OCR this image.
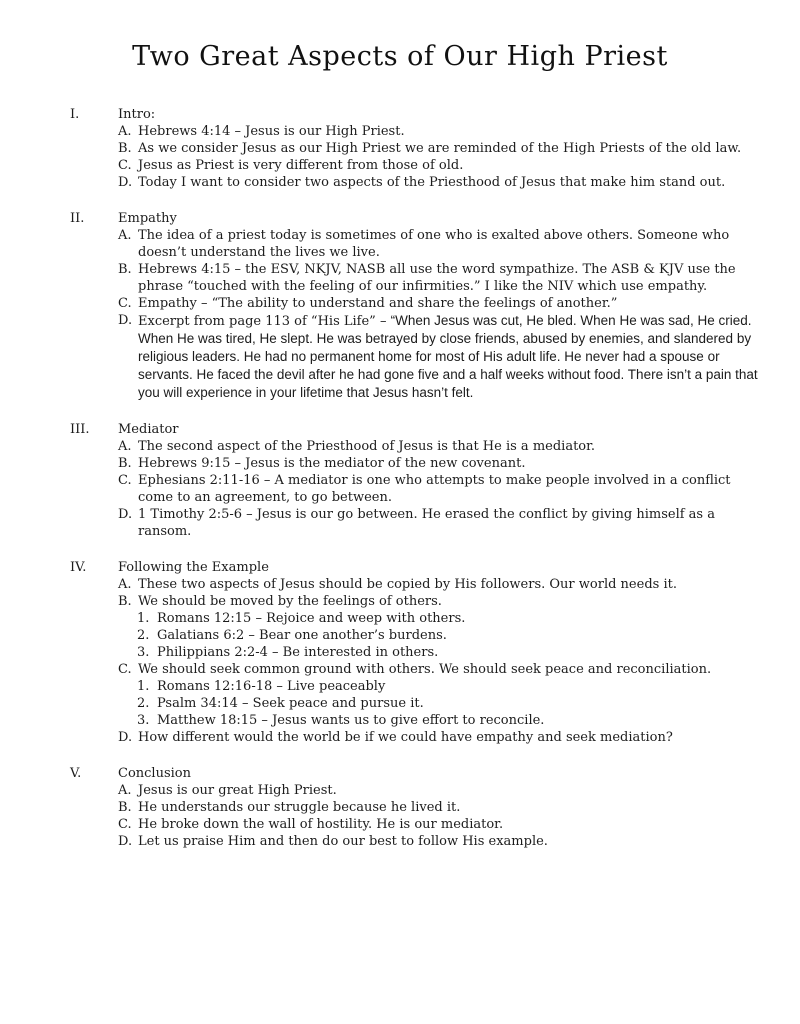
Two Great Aspects of Our High Priest
I.	Intro:
A. Hebrews 4:14 – Jesus is our High Priest.
B. As we consider Jesus as our High Priest we are reminded of the High Priests of the old law.
C. Jesus as Priest is very different from those of old.
D. Today I want to consider two aspects of the Priesthood of Jesus that make him stand out.
II.	Empathy
A. The idea of a priest today is sometimes of one who is exalted above others. Someone who doesn’t understand the lives we live.
B. Hebrews 4:15 – the ESV, NKJV, NASB all use the word sympathize. The ASB & KJV use the phrase “touched with the feeling of our infirmities.” I like the NIV which use empathy.
C. Empathy – “The ability to understand and share the feelings of another.”
D. Excerpt from page 113 of “His Life” – “When Jesus was cut, He bled. When He was sad, He cried. When He was tired, He slept. He was betrayed by close friends, abused by enemies, and slandered by religious leaders. He had no permanent home for most of His adult life. He never had a spouse or servants. He faced the devil after he had gone five and a half weeks without food. There isn’t a pain that you will experience in your lifetime that Jesus hasn’t felt.
III.	Mediator
A. The second aspect of the Priesthood of Jesus is that He is a mediator.
B. Hebrews 9:15 – Jesus is the mediator of the new covenant.
C. Ephesians 2:11-16 – A mediator is one who attempts to make people involved in a conflict come to an agreement, to go between.
D. 1 Timothy 2:5-6 – Jesus is our go between. He erased the conflict by giving himself as a ransom.
IV.	Following the Example
A. These two aspects of Jesus should be copied by His followers. Our world needs it.
B. We should be moved by the feelings of others.
1. Romans 12:15 – Rejoice and weep with others.
2. Galatians 6:2 – Bear one another’s burdens.
3. Philippians 2:2-4 – Be interested in others.
C. We should seek common ground with others. We should seek peace and reconciliation.
1. Romans 12:16-18 – Live peaceably
2. Psalm 34:14 – Seek peace and pursue it.
3. Matthew 18:15 – Jesus wants us to give effort to reconcile.
D. How different would the world be if we could have empathy and seek mediation?
V.	Conclusion
A. Jesus is our great High Priest.
B. He understands our struggle because he lived it.
C. He broke down the wall of hostility. He is our mediator.
D. Let us praise Him and then do our best to follow His example.
